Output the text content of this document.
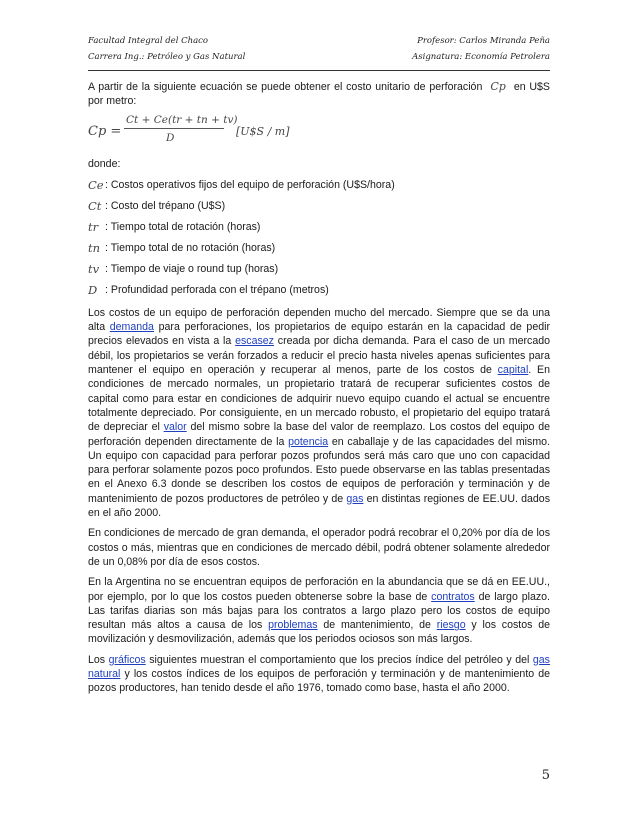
Facultad Integral del Chaco	Profesor: Carlos Miranda Peña
Carrera Ing.: Petróleo y Gas Natural	Asignatura: Economía Petrolera

A partir de la siguiente ecuación se puede obtener el costo unitario de perforación Cp en U$S por metro:

Cp =
Ct + Ce(tr + tn + tv)
D	[U$S / m]

donde:

Ce : Costos operativos fijos del equipo de perforación (U$S/hora)
Ct : Costo del trépano (U$S)
tr : Tiempo total de rotación (horas)
tn : Tiempo total de no rotación (horas)
tv : Tiempo de viaje o round tup (horas)
D : Profundidad perforada con el trépano (metros)

Los costos de un equipo de perforación dependen mucho del mercado. Siempre que se da una alta demanda para perforaciones, los propietarios de equipo estarán en la capacidad de pedir precios elevados en vista a la escasez creada por dicha demanda. Para el caso de un mercado débil, los propietarios se verán forzados a reducir el precio hasta niveles apenas suficientes para mantener el equipo en operación y recuperar al menos, parte de los costos de capital. En condiciones de mercado normales, un propietario tratará de recuperar suficientes costos de capital como para estar en condiciones de adquirir nuevo equipo cuando el actual se encuentre totalmente depreciado. Por consiguiente, en un mercado robusto, el propietario del equipo tratará de depreciar el valor del mismo sobre la base del valor de reemplazo. Los costos del equipo de perforación dependen directamente de la potencia en caballaje y de las capacidades del mismo. Un equipo con capacidad para perforar pozos profundos será más caro que uno con capacidad para perforar solamente pozos poco profundos. Esto puede observarse en las tablas presentadas en el Anexo 6.3 donde se describen los costos de equipos de perforación y terminación y de mantenimiento de pozos productores de petróleo y de gas en distintas regiones de EE.UU. dados en el año 2000.

En condiciones de mercado de gran demanda, el operador podrá recobrar el 0,20% por día de los costos o más, mientras que en condiciones de mercado débil, podrá obtener solamente alrededor de un 0,08% por día de esos costos.

En la Argentina no se encuentran equipos de perforación en la abundancia que se dá en EE.UU., por ejemplo, por lo que los costos pueden obtenerse sobre la base de contratos de largo plazo. Las tarifas diarias son más bajas para los contratos a largo plazo pero los costos de equipo resultan más altos a causa de los problemas de mantenimiento, de riesgo y los costos de movilización y desmovilización, además que los periodos ociosos son más largos.

Los gráficos siguientes muestran el comportamiento que los precios índice del petróleo y del gas natural y los costos índices de los equipos de perforación y terminación y de mantenimiento de pozos productores, han tenido desde el año 1976, tomado como base, hasta el año 2000.

5
